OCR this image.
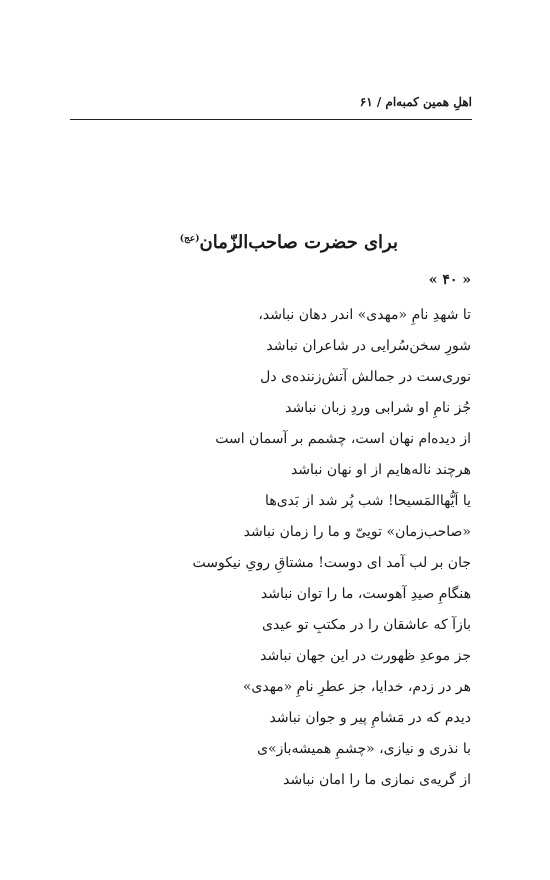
اهلِ همین کمبه‌ام / ۶۱
برای حضرت صاحب‌الزّمان$^{(عج)}$
« ۴۰ »
تا شهدِ نامِ «مهدی» اندر دهان نباشد،
شورِ سخن‌سُرایی در شاعران نباشد
نوری‌ست در جمالش آتش‌زننده‌ی دل
جُز نامِ او شرابی وردِ زبان نباشد
از دیده‌ام نهان است، چشمم بر آسمان است
هرچند ناله‌هایم از او نهان نباشد
یا اَیُّهاالمَسیحا! شب پُر شد از بَدی‌ها
«صاحب‌زمان» تویی‌ّ و ما را زمان نباشد
جان بر لب آمد ای دوست! مشتاقِ رویِ نیکوست
هنگامِ صیدِ آهوست، ما را توان نباشد
بازآ که عاشقان را در مکتبِ تو عیدی
جز موعدِ ظهورت در این جهان نباشد
هر در زدم، خدایا، جز عطرِ نامِ «مهدی»
دیدم که در مَشامِ پیر و جوان نباشد
با نذری و نیازی، «چشمِ همیشه‌باز»ی
از گریه‌ی نمازی ما را امان نباشد
